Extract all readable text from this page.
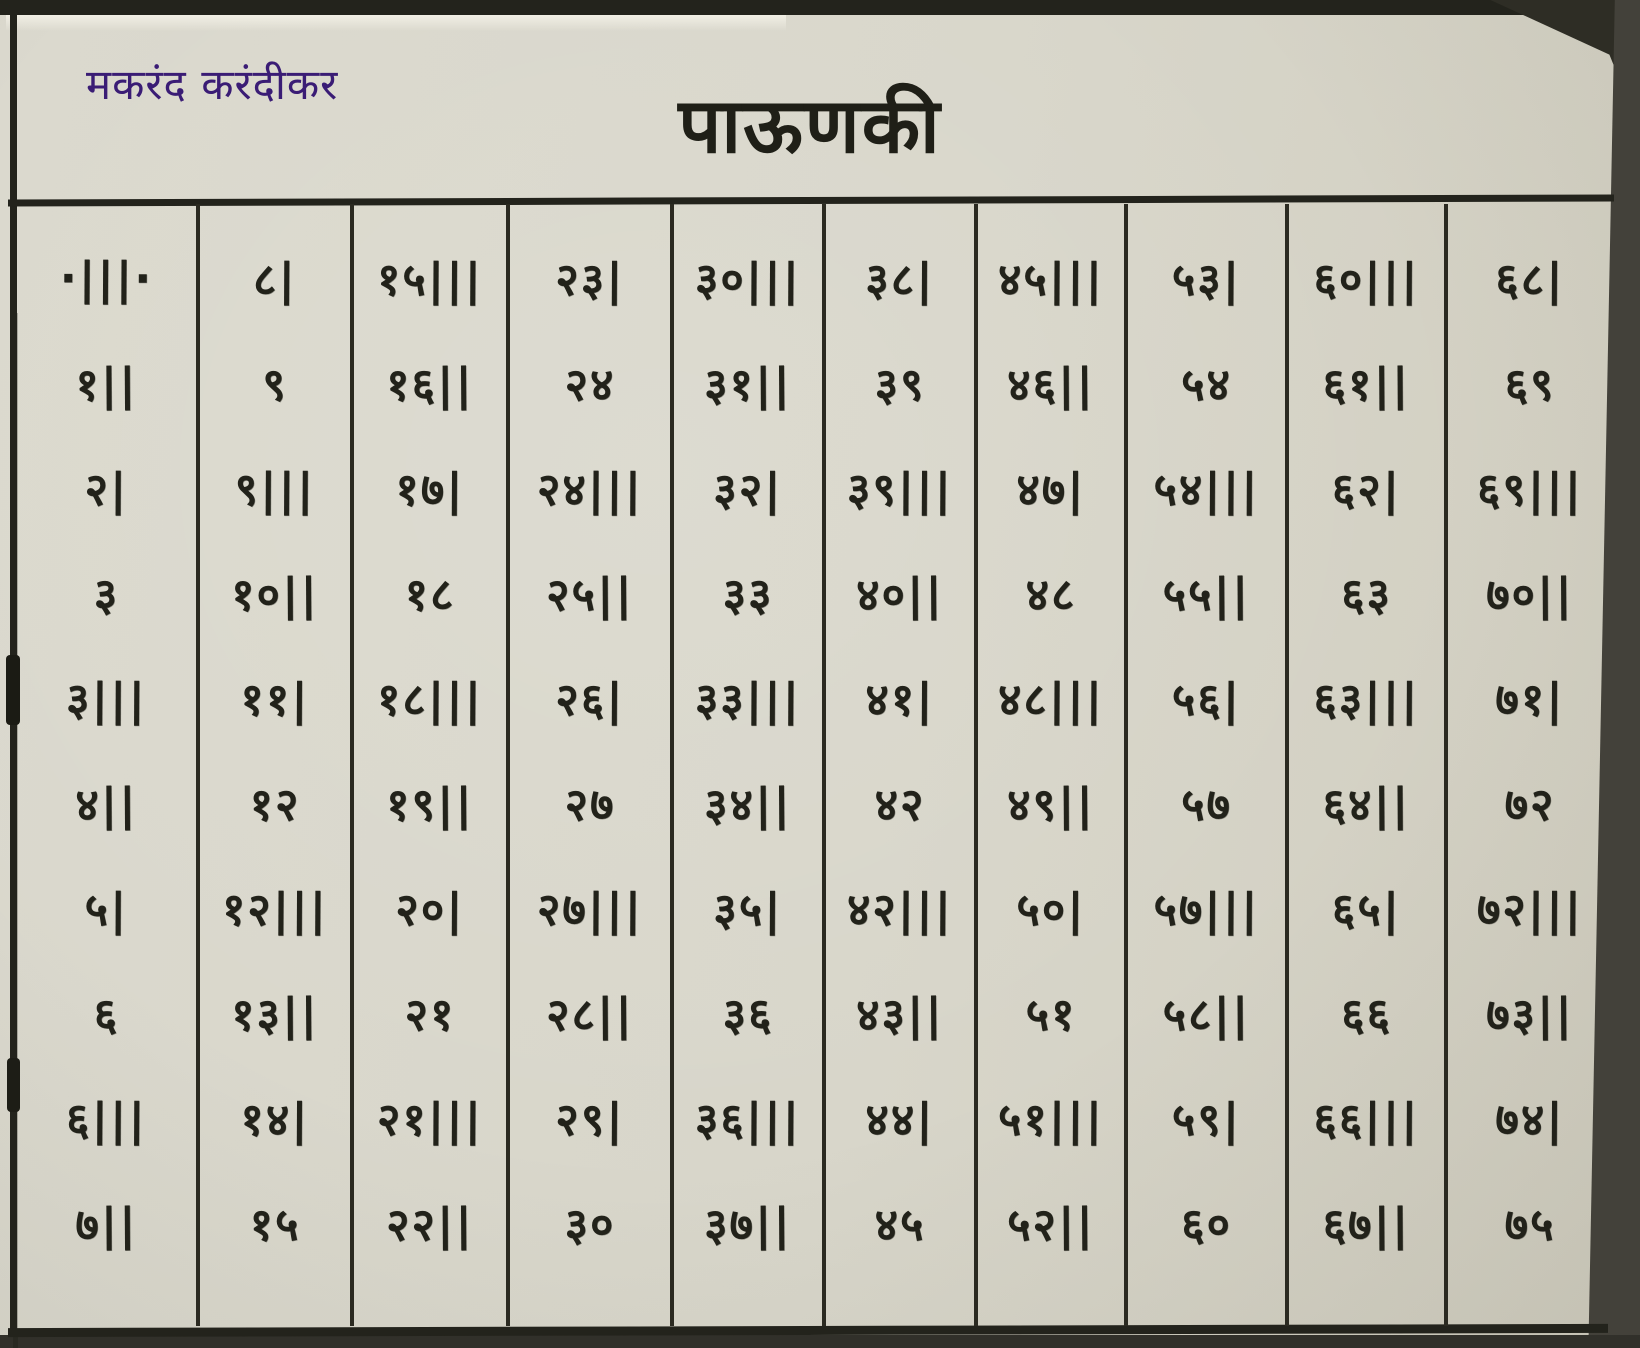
मकरंद करंदीकर	पाऊणकी
·|||·
१||
२|
३
३|||
४||
५|
६
६|||
७||
८|
९
९|||
१०||
११|
१२
१२|||
१३||
१४|
१५
१५|||
१६||
१७|
१८
१८|||
१९||
२०|
२१
२१|||
२२||
२३|
२४
२४|||
२५||
२६|
२७
२७|||
२८||
२९|
३०
३०|||
३१||
३२|
३३
३३|||
३४||
३५|
३६
३६|||
३७||
३८|
३९
३९|||
४०||
४१|
४२
४२|||
४३||
४४|
४५
४५|||
४६||
४७|
४८
४८|||
४९||
५०|
५१
५१|||
५२||
५३|
५४
५४|||
५५||
५६|
५७
५७|||
५८||
५९|
६०
६०|||
६१||
६२|
६३
६३|||
६४||
६५|
६६
६६|||
६७||
६८|
६९
६९|||
७०||
७१|
७२
७२|||
७३||
७४|
७५
